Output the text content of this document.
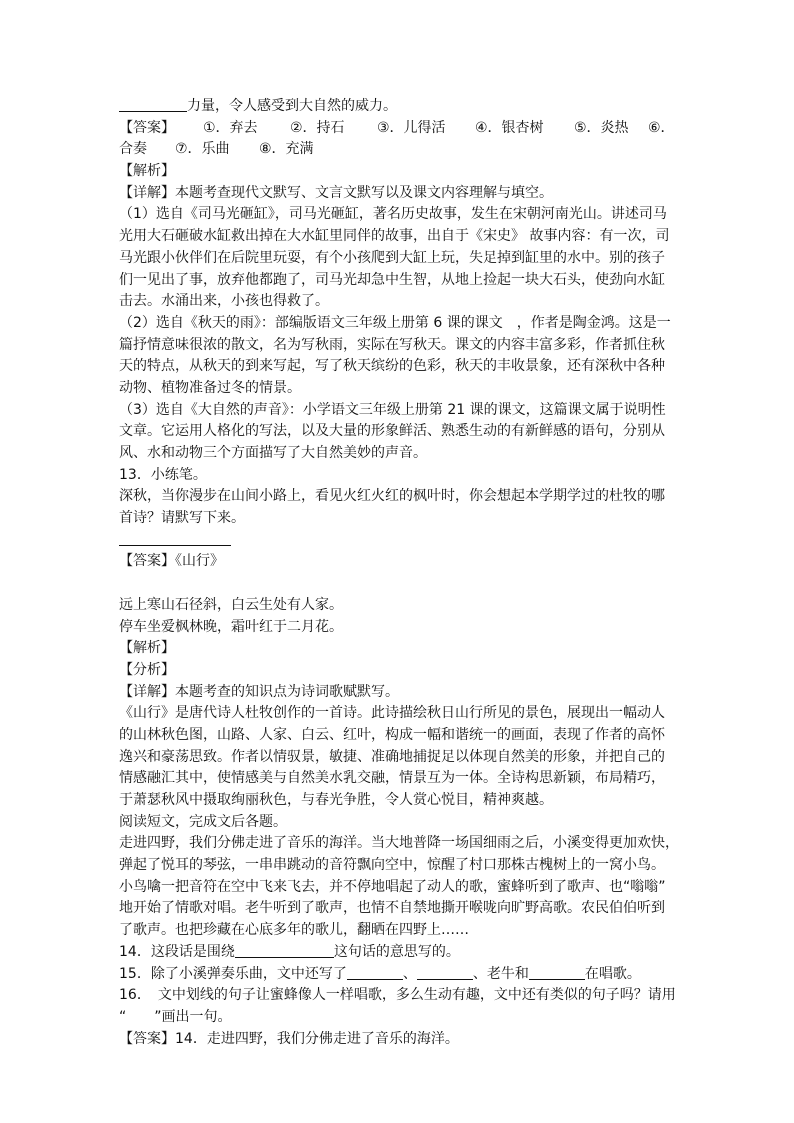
力量，令人感受到大自然的威力。
【答案】 ①．弃去 ②．持石 ③．儿得活 ④．银杏树 ⑤．炎热 ⑥．
合奏 ⑦．乐曲 ⑧．充满
【解析】
【详解】本题考查现代文默写、文言文默写以及课文内容理解与填空。
（1）选自《司马光砸缸》，司马光砸缸，著名历史故事，发生在宋朝河南光山。讲述司马
光用大石砸破水缸救出掉在大水缸里同伴的故事，出自于《宋史》 故事内容：有一次，司
马光跟小伙伴们在后院里玩耍，有个小孩爬到大缸上玩，失足掉到缸里的水中。别的孩子
们一见出了事，放弃他都跑了，司马光却急中生智，从地上捡起一块大石头，使劲向水缸
击去。水涌出来，小孩也得救了。
（2）选自《秋天的雨》：部编版语文三年级上册第 6 课的课文　，作者是陶金鸿。这是一
篇抒情意味很浓的散文，名为写秋雨，实际在写秋天。课文的内容丰富多彩，作者抓住秋
天的特点，从秋天的到来写起，写了秋天缤纷的色彩，秋天的丰收景象，还有深秋中各种
动物、植物准备过冬的情景。
（3）选自《大自然的声音》：小学语文三年级上册第 21 课的课文，这篇课文属于说明性
文章。它运用人格化的写法，以及大量的形象鲜活、熟悉生动的有新鲜感的语句，分别从
风、水和动物三个方面描写了大自然美妙的声音。
13．小练笔。
深秋，当你漫步在山间小路上，看见火红火红的枫叶时，你会想起本学期学过的杜牧的哪
首诗？请默写下来。
【答案】《山行》
远上寒山石径斜，白云生处有人家。
停车坐爱枫林晚，霜叶红于二月花。
【解析】
【分析】
【详解】本题考查的知识点为诗词歌赋默写。
《山行》是唐代诗人杜牧创作的一首诗。此诗描绘秋日山行所见的景色，展现出一幅动人
的山林秋色图，山路、人家、白云、红叶，构成一幅和谐统一的画面，表现了作者的高怀
逸兴和豪荡思致。作者以情驭景，敏捷、准确地捕捉足以体现自然美的形象，并把自己的
情感融汇其中，使情感美与自然美水乳交融，情景互为一体。全诗构思新颖，布局精巧，
于萧瑟秋风中摄取绚丽秋色，与春光争胜，令人赏心悦目，精神爽越。
阅读短文，完成文后各题。
走进四野，我们分佛走进了音乐的海洋。当大地普降一场国细雨之后，小溪变得更加欢快，
弹起了悦耳的琴弦，一串串跳动的音符飘向空中，惊醒了村口那株古槐树上的一窝小鸟。
小鸟噙一把音符在空中飞来飞去，并不停地唱起了动人的歌，蜜蜂听到了歌声、也“嗡嗡”
地开始了情歌对唱。老牛听到了歌声，也情不自禁地撕开喉咙向旷野高歌。农民伯伯听到
了歌声。也把珍藏在心底多年的歌儿，翻晒在四野上……
14．这段话是围绕	这句话的意思写的。
15．除了小溪弹奏乐曲，文中还写了	、	、老牛和	在唱歌。
16．　文中划线的句子让蜜蜂像人一样唱歌，多么生动有趣，文中还有类似的句子吗？请用
“　　”画出一句。
【答案】14．走进四野，我们分佛走进了音乐的海洋。
